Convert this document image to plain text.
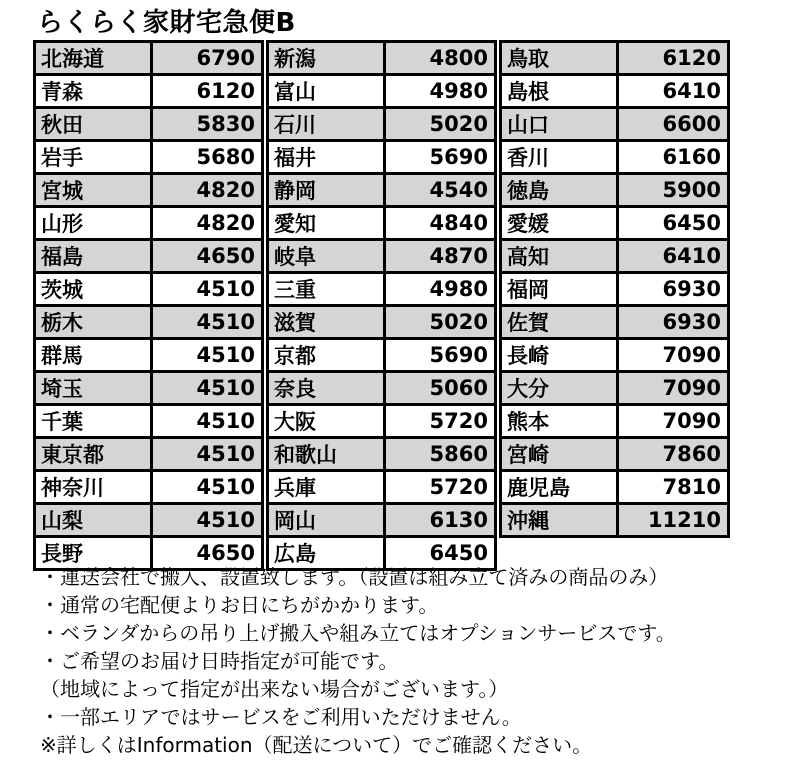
らくらく家財宅急便B
北海道	6790
青森	6120
秋田	5830
岩手	5680
宮城	4820
山形	4820
福島	4650
茨城	4510
栃木	4510
群馬	4510
埼玉	4510
千葉	4510
東京都	4510
神奈川	4510
山梨	4510
長野	4650
新潟	4800
富山	4980
石川	5020
福井	5690
静岡	4540
愛知	4840
岐阜	4870
三重	4980
滋賀	5020
京都	5690
奈良	5060
大阪	5720
和歌山	5860
兵庫	5720
岡山	6130
広島	6450
鳥取	6120
島根	6410
山口	6600
香川	6160
徳島	5900
愛媛	6450
高知	6410
福岡	6930
佐賀	6930
長崎	7090
大分	7090
熊本	7090
宮崎	7860
鹿児島	7810
沖縄	11210
・運送会社で搬入、設置致します。（設置は組み立て済みの商品のみ）
・通常の宅配便よりお日にちがかかります。
・ベランダからの吊り上げ搬入や組み立てはオプションサービスです。
・ご希望のお届け日時指定が可能です。
（地域によって指定が出来ない場合がございます。）
・一部エリアではサービスをご利用いただけません。
※詳しくはInformation（配送について）でご確認ください。
